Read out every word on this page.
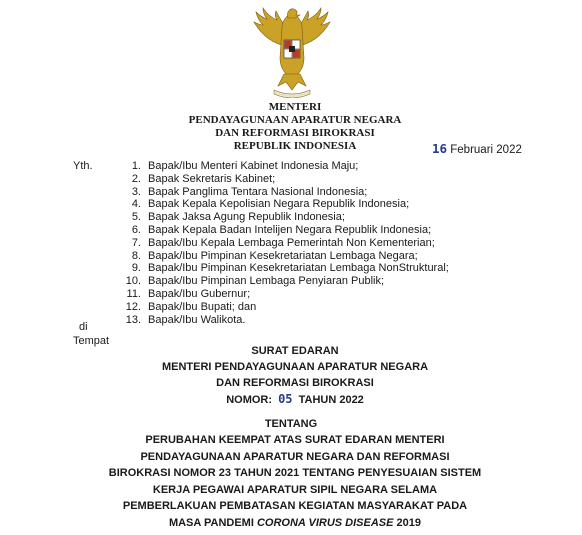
MENTERI
PENDAYAGUNAAN APARATUR NEGARA
DAN REFORMASI BIROKRASI
REPUBLIK INDONESIA	16 Februari 2022
Yth.	1. Bapak/Ibu Menteri Kabinet Indonesia Maju;
2. Bapak Sekretaris Kabinet;
3. Bapak Panglima Tentara Nasional Indonesia;
4. Bapak Kepala Kepolisian Negara Republik Indonesia;
5. Bapak Jaksa Agung Republik Indonesia;
6. Bapak Kepala Badan Intelijen Negara Republik Indonesia;
7. Bapak/Ibu Kepala Lembaga Pemerintah Non Kementerian;
8. Bapak/Ibu Pimpinan Kesekretariatan Lembaga Negara;
9. Bapak/Ibu Pimpinan Kesekretariatan Lembaga NonStruktural;
10. Bapak/Ibu Pimpinan Lembaga Penyiaran Publik;
11. Bapak/Ibu Gubernur;
12. Bapak/Ibu Bupati; dan
13. Bapak/Ibu Walikota.
di
Tempat
SURAT EDARAN
MENTERI PENDAYAGUNAAN APARATUR NEGARA
DAN REFORMASI BIROKRASI
NOMOR: 05 TAHUN 2022
TENTANG
PERUBAHAN KEEMPAT ATAS SURAT EDARAN MENTERI
PENDAYAGUNAAN APARATUR NEGARA DAN REFORMASI
BIROKRASI NOMOR 23 TAHUN 2021 TENTANG PENYESUAIAN SISTEM
KERJA PEGAWAI APARATUR SIPIL NEGARA SELAMA
PEMBERLAKUAN PEMBATASAN KEGIATAN MASYARAKAT PADA
MASA PANDEMI CORONA VIRUS DISEASE 2019
